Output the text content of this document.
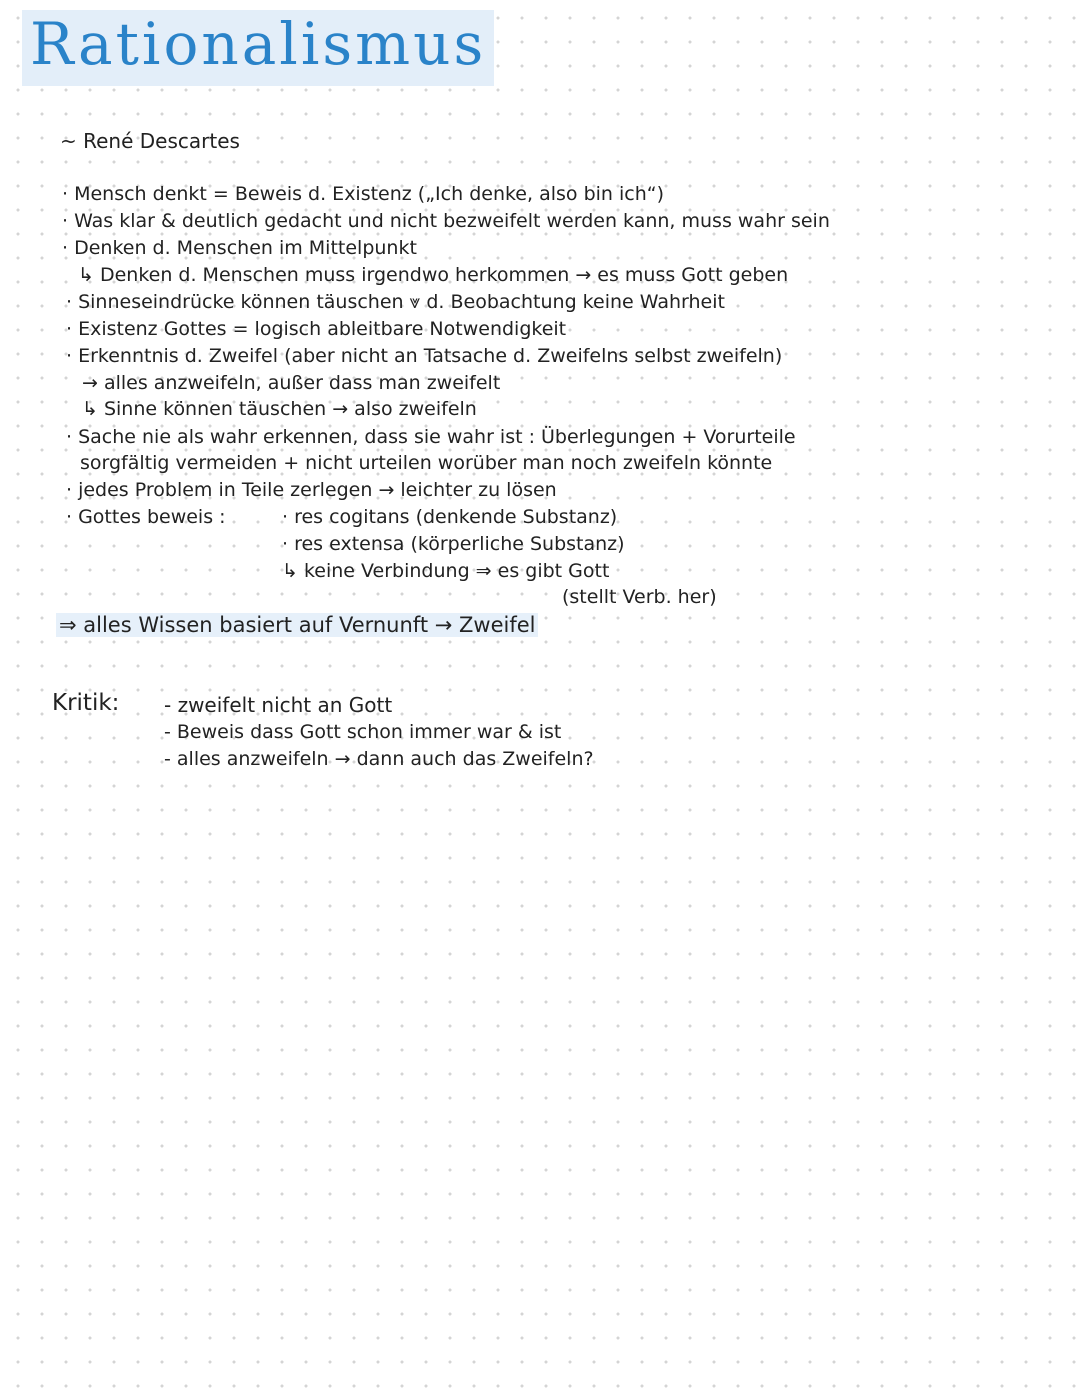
Rationalismus
~ René Descartes
· Mensch denkt = Beweis d. Existenz („Ich denke, also bin ich“)
· Was klar & deutlich gedacht und nicht bezweifelt werden kann, muss wahr sein
· Denken d. Menschen im Mittelpunkt
↳ Denken d. Menschen muss irgendwo herkommen → es muss Gott geben
· Sinneseindrücke können täuschen ⩔ d. Beobachtung keine Wahrheit
· Existenz Gottes = logisch ableitbare Notwendigkeit
· Erkenntnis d. Zweifel (aber nicht an Tatsache d. Zweifelns selbst zweifeln)
→ alles anzweifeln, außer dass man zweifelt
↳ Sinne können täuschen → also zweifeln
· Sache nie als wahr erkennen, dass sie wahr ist : Überlegungen + Vorurteile
sorgfältig vermeiden + nicht urteilen worüber man noch zweifeln könnte
· jedes Problem in Teile zerlegen → leichter zu lösen
· Gottes beweis :	· res cogitans (denkende Substanz)
· res extensa (körperliche Substanz)
↳ keine Verbindung ⇒ es gibt Gott
(stellt Verb. her)
⇒ alles Wissen basiert auf Vernunft → Zweifel
Kritik: - zweifelt nicht an Gott
- Beweis dass Gott schon immer war & ist
- alles anzweifeln → dann auch das Zweifeln?
